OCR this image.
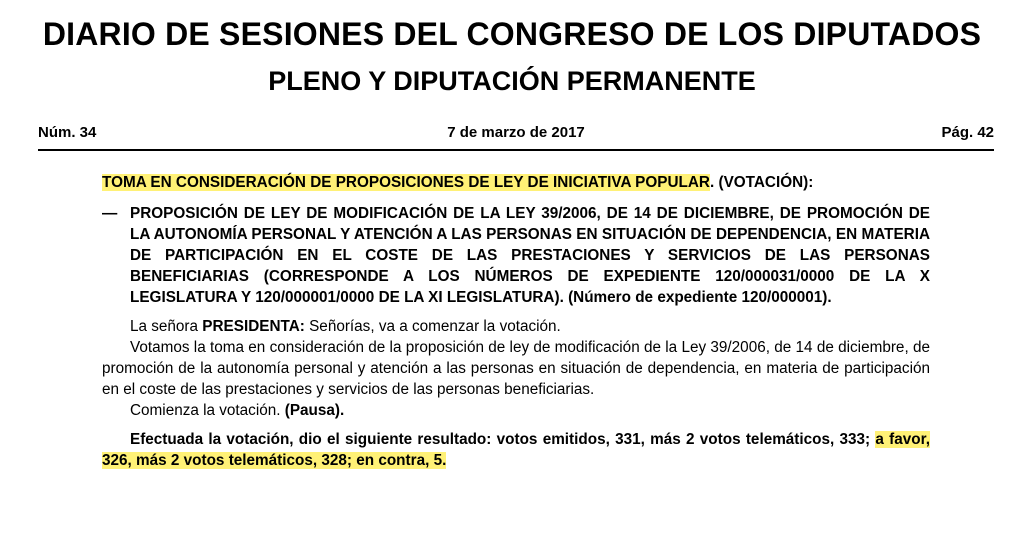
DIARIO DE SESIONES DEL CONGRESO DE LOS DIPUTADOS
PLENO Y DIPUTACIÓN PERMANENTE
Núm. 34	7 de marzo de 2017	Pág. 42

TOMA EN CONSIDERACIÓN DE PROPOSICIONES DE LEY DE INICIATIVA POPULAR. (VOTACIÓN):

— PROPOSICIÓN DE LEY DE MODIFICACIÓN DE LA LEY 39/2006, DE 14 DE DICIEMBRE, DE PROMOCIÓN DE LA AUTONOMÍA PERSONAL Y ATENCIÓN A LAS PERSONAS EN SITUACIÓN DE DEPENDENCIA, EN MATERIA DE PARTICIPACIÓN EN EL COSTE DE LAS PRESTACIONES Y SERVICIOS DE LAS PERSONAS BENEFICIARIAS (CORRESPONDE A LOS NÚMEROS DE EXPEDIENTE 120/000031/0000 DE LA X LEGISLATURA Y 120/000001/0000 DE LA XI LEGISLATURA). (Número de expediente 120/000001).

La señora PRESIDENTA: Señorías, va a comenzar la votación.

Votamos la toma en consideración de la proposición de ley de modificación de la Ley 39/2006, de 14 de diciembre, de promoción de la autonomía personal y atención a las personas en situación de dependencia, en materia de participación en el coste de las prestaciones y servicios de las personas beneficiarias.

Comienza la votación. (Pausa).

Efectuada la votación, dio el siguiente resultado: votos emitidos, 331, más 2 votos telemáticos, 333; a favor, 326, más 2 votos telemáticos, 328; en contra, 5.
